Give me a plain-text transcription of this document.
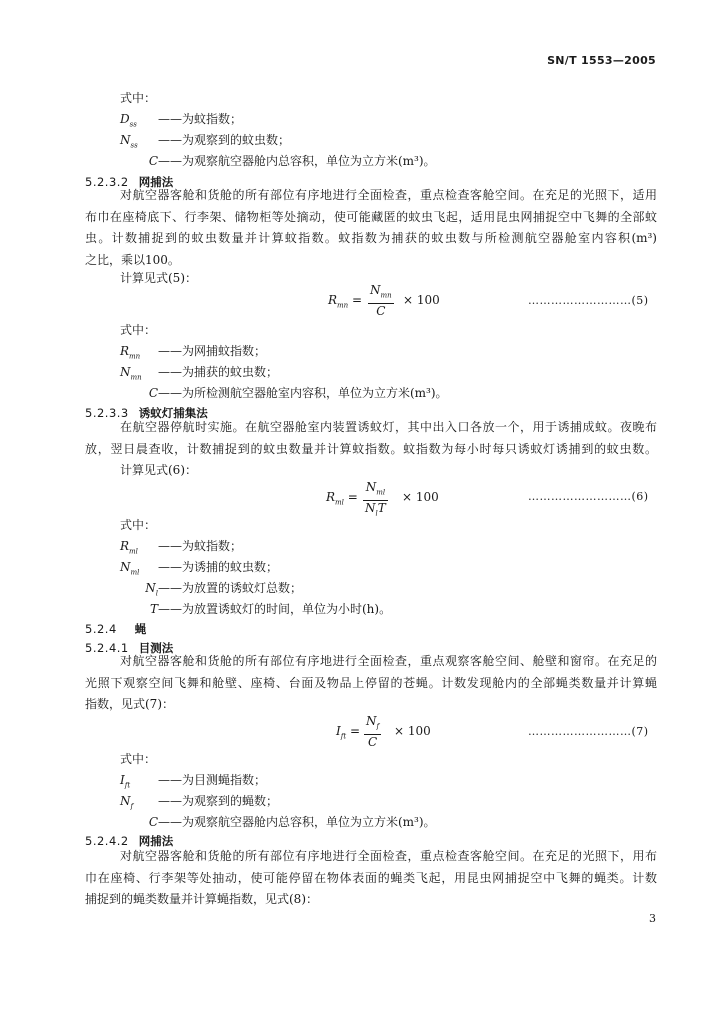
SN/T 1553—2005
式中：
$D_{ss}$ ——为蚊指数；
$N_{ss}$ ——为观察到的蚊虫数；
C——为观察航空器舱内总容积，单位为立方米(m³)。
5.2.3.2 网捕法
对航空器客舱和货舱的所有部位有序地进行全面检查，重点检查客舱空间。在充足的光照下，适用
布巾在座椅底下、行李架、储物柜等处摘动，使可能藏匿的蚊虫飞起，适用昆虫网捕捉空中飞舞的全部蚊
虫。计数捕捉到的蚊虫数量并计算蚊指数。蚊指数为捕获的蚊虫数与所检测航空器舱室内容积(m³)
之比，乘以100。
计算见式(5)：
$R_{mn}$ =
$N_{mn}$
C
× 100	………………………(5)
式中：
$R_{mn}$ ——为网捕蚊指数；
$N_{mn}$ ——为捕获的蚊虫数；
C——为所检测航空器舱室内容积，单位为立方米(m³)。
5.2.3.3 诱蚊灯捕集法
在航空器停航时实施。在航空器舱室内装置诱蚊灯，其中出入口各放一个，用于诱捕成蚊。夜晚布
放，翌日晨查收，计数捕捉到的蚊虫数量并计算蚊指数。蚊指数为每小时每只诱蚊灯诱捕到的蚊虫数。
计算见式(6)：
$R_{ml}$ =
$N_{ml}$
$N_lT$
× 100	………………………(6)
式中：
$R_{ml}$ ——为蚊指数；
$N_{ml}$ ——为诱捕的蚊虫数；
$N_l——$为放置的诱蚊灯总数；
T——为放置诱蚊灯的时间，单位为小时(h)。
5.2.4 蝇
5.2.4.1 目测法
对航空器客舱和货舱的所有部位有序地进行全面检查，重点观察客舱空间、舱壁和窗帘。在充足的
光照下观察空间飞舞和舱壁、座椅、台面及物品上停留的苍蝇。计数发现舱内的全部蝇类数量并计算蝇
指数，见式(7)：
$I_{ft} = \frac{N_f}{C} \times 100$	………………………(7)
式中：
$I_{ft}$ ——为目测蝇指数；
$N_f$ ——为观察到的蝇数；
C——为观察航空器舱内总容积，单位为立方米(m³)。
5.2.4.2 网捕法
对航空器客舱和货舱的所有部位有序地进行全面检查，重点检查客舱空间。在充足的光照下，用布
巾在座椅、行李架等处抽动，使可能停留在物体表面的蝇类飞起，用昆虫网捕捉空中飞舞的蝇类。计数
捕捉到的蝇类数量并计算蝇指数，见式(8)：
3
